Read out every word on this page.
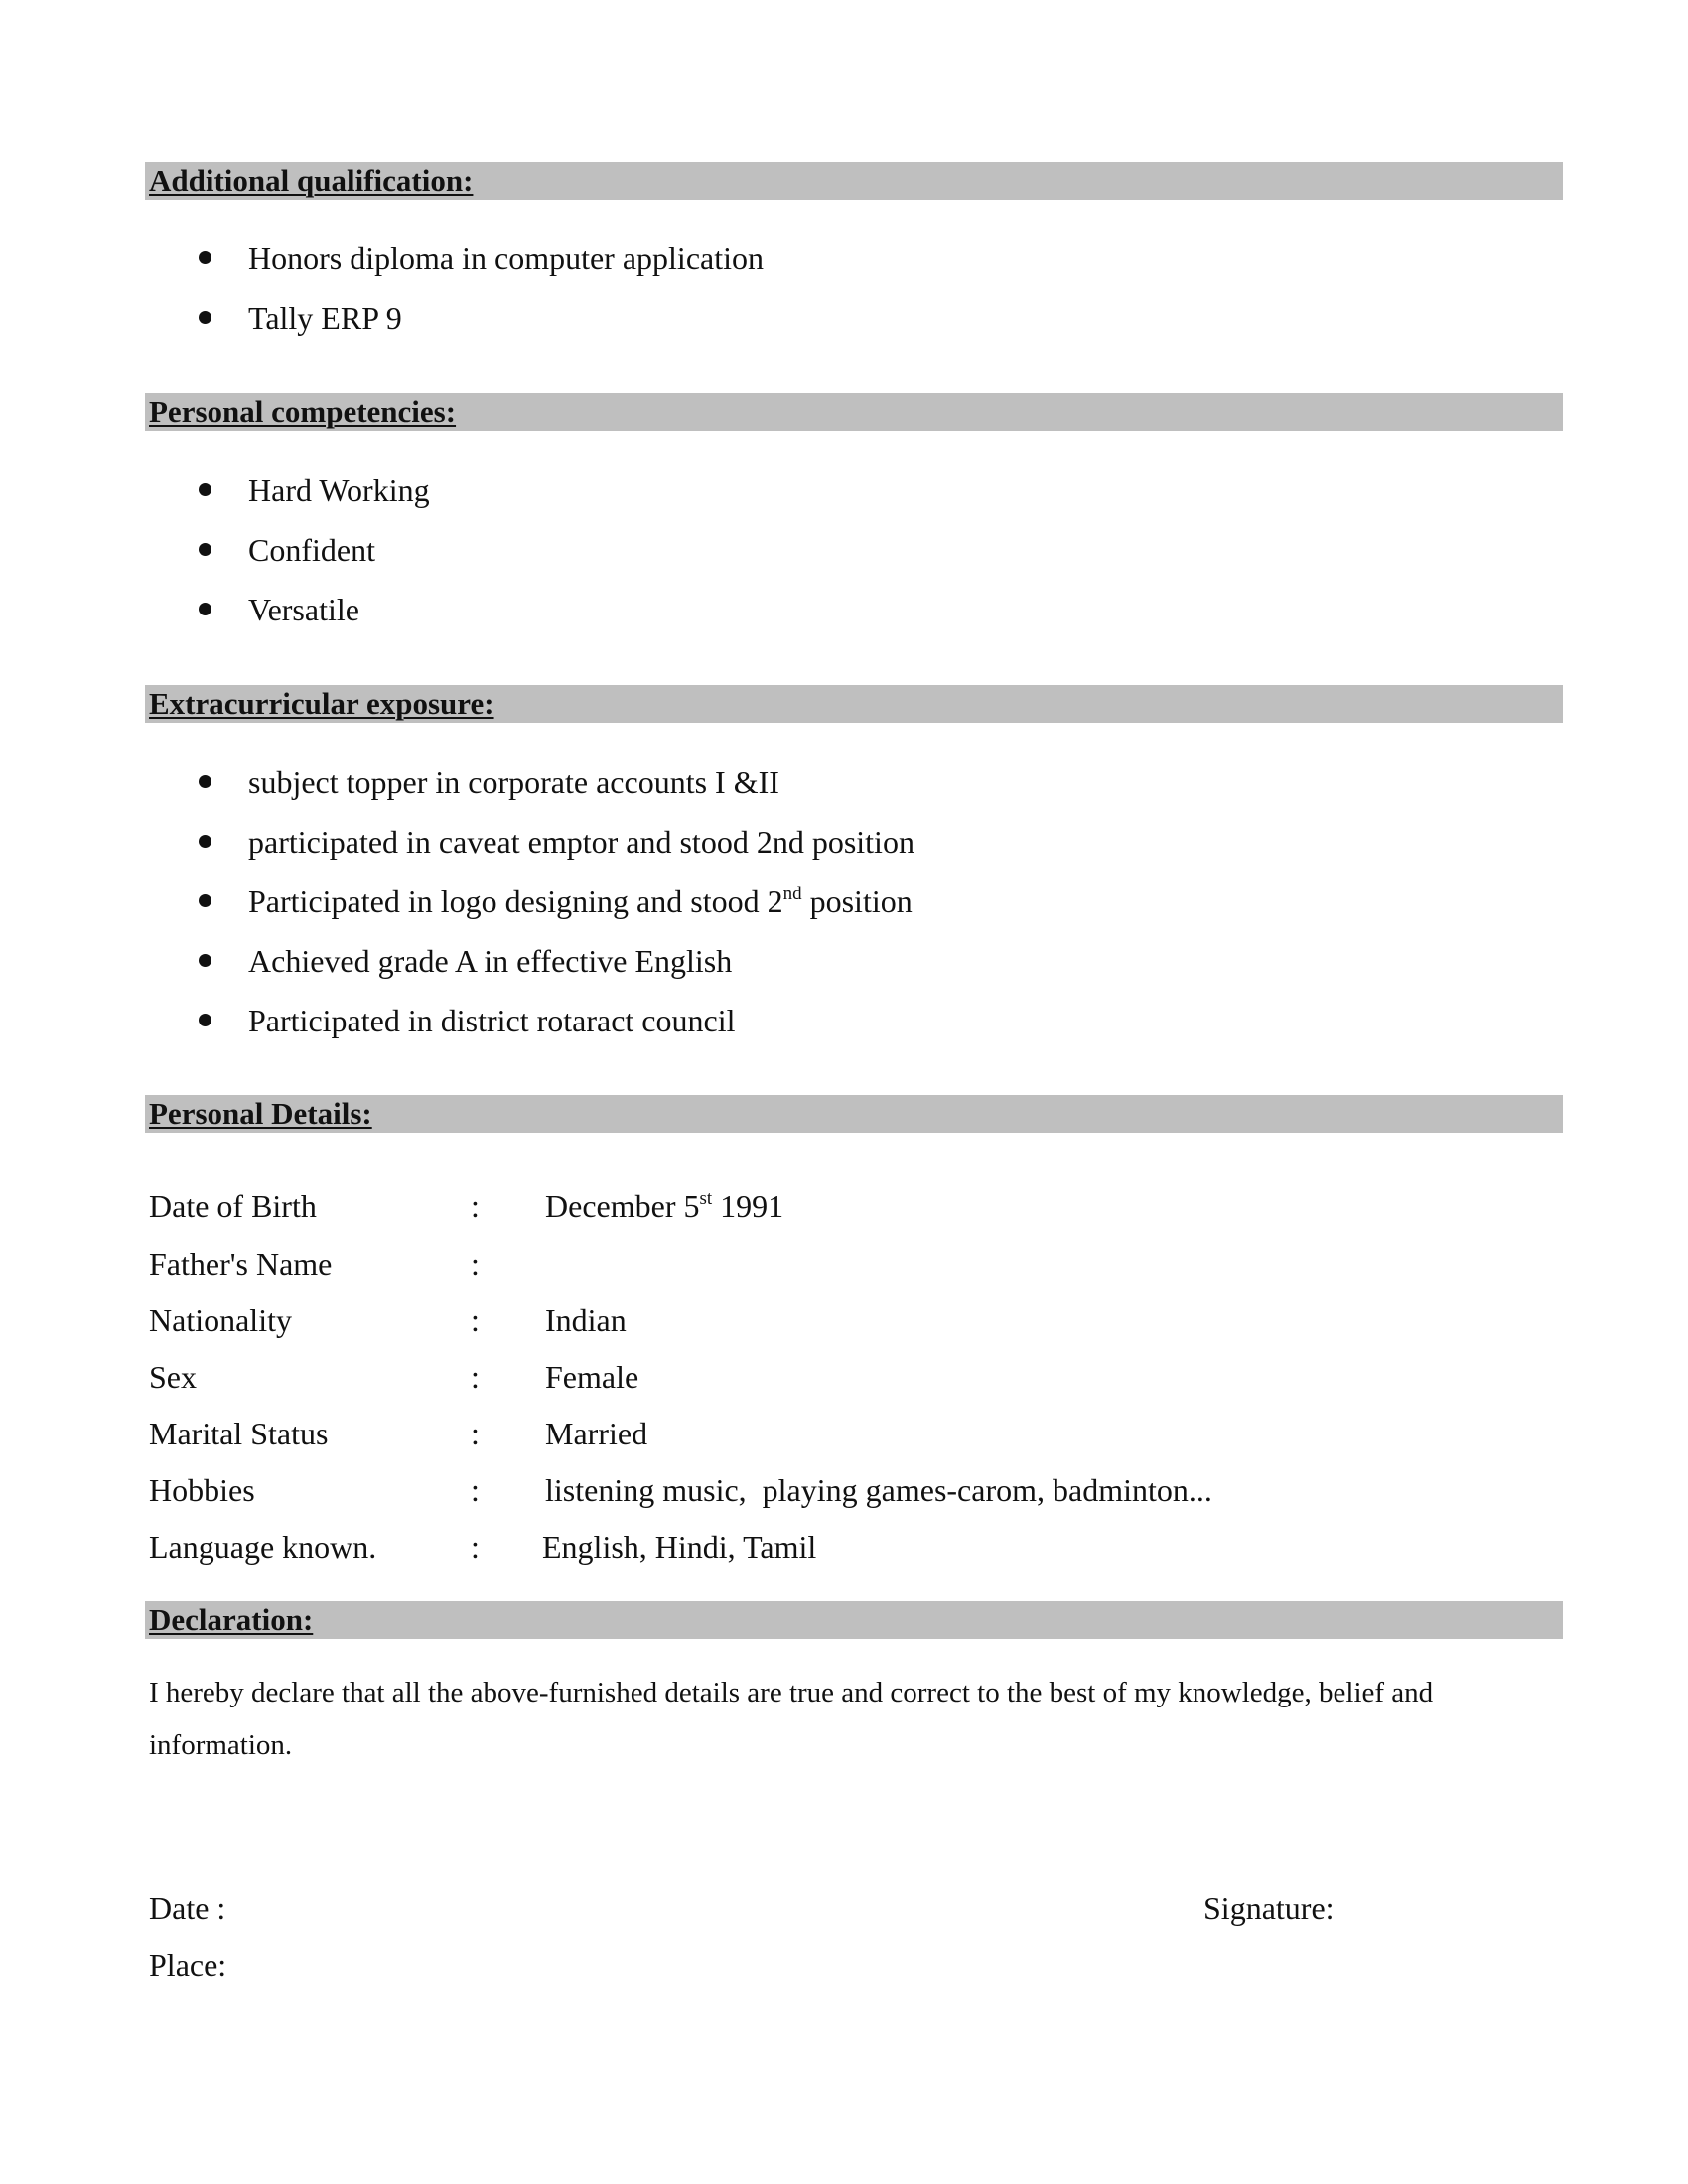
Additional qualification:
Honors diploma in computer application
Tally ERP 9
Personal competencies:
Hard Working
Confident
Versatile
Extracurricular exposure:
subject topper in corporate accounts I &II
participated in caveat emptor and stood 2nd position
Participated in logo designing and stood 2nd position
Achieved grade A in effective English
Participated in district rotaract council
Personal Details:
Date of Birth	: December 5st 1991
Father's Name	:
Nationality	: Indian
Sex	: Female
Marital Status	: Married
Hobbies	: listening music,  playing games-carom, badminton...
Language known.	: English, Hindi, Tamil
Declaration:
I hereby declare that all the above-furnished details are true and correct to the best of my knowledge, belief and information.
Date :	Signature:
Place:
